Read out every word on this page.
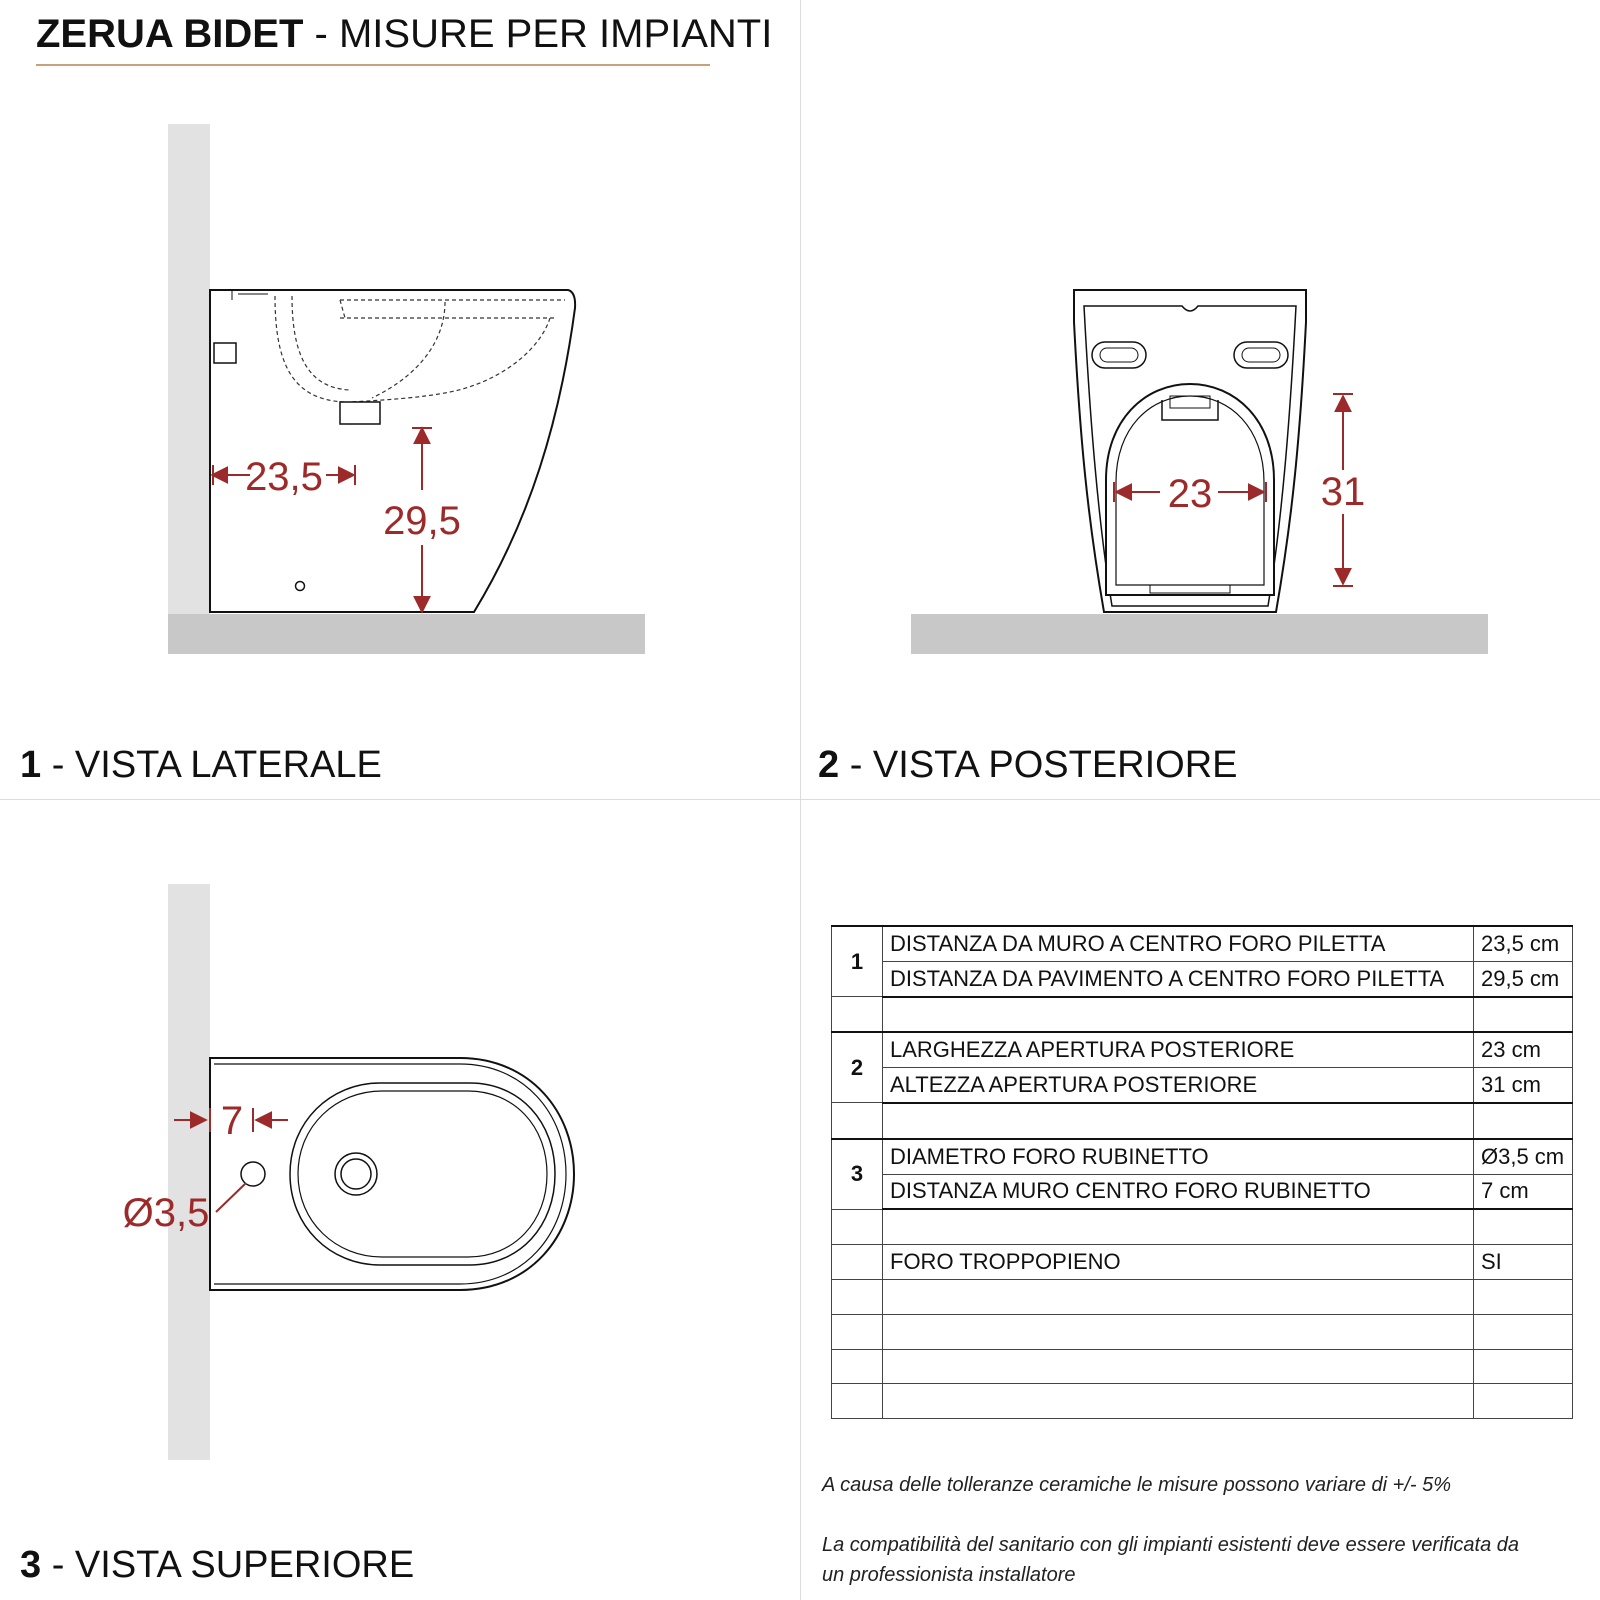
ZERUA BIDET - MISURE PER IMPIANTI
23,5
29,5
23	31
7
Ø3,5
1 - VISTA LATERALE	2 - VISTA POSTERIORE
3 - VISTA SUPERIORE
1	DISTANZA DA MURO A CENTRO FORO PILETTA	23,5 cm
	DISTANZA DA PAVIMENTO A CENTRO FORO PILETTA	29,5 cm

2	LARGHEZZA APERTURA POSTERIORE	23 cm
	ALTEZZA APERTURA POSTERIORE	31 cm

3	DIAMETRO FORO RUBINETTO	Ø3,5 cm
	DISTANZA MURO CENTRO FORO RUBINETTO	7 cm

	FORO TROPPOPIENO	SI

A causa delle tolleranze ceramiche le misure possono variare di +/- 5%
La compatibilità del sanitario con gli impianti esistenti deve essere verificata da
un professionista installatore
